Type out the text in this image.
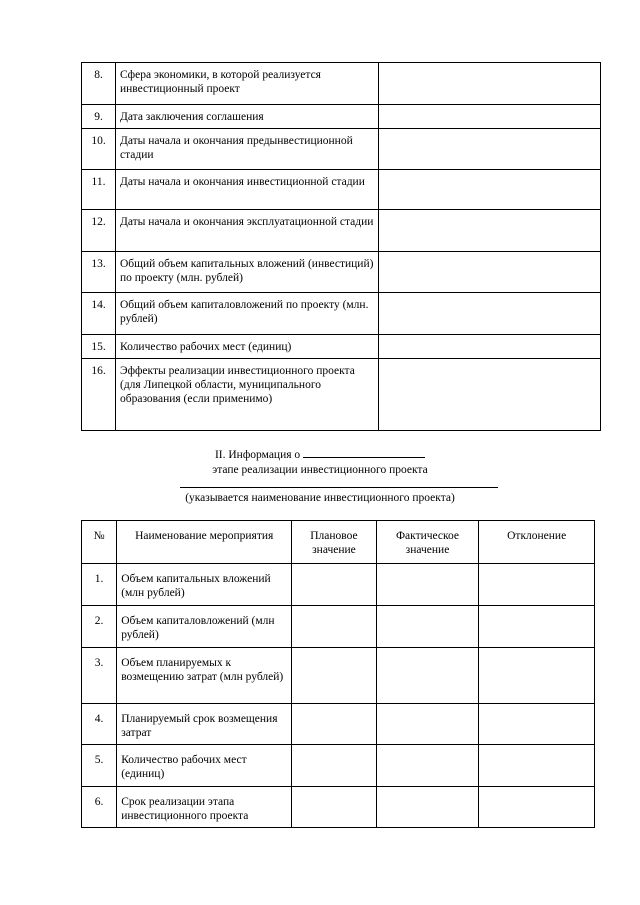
8.	Сфера экономики, в которой реализуется инвестиционный проект	
9.	Дата заключения соглашения	
10.	Даты начала и окончания предынвестиционной стадии	
11.	Даты начала и окончания инвестиционной стадии	
12.	Даты начала и окончания эксплуатационной стадии	
13.	Общий объем капитальных вложений (инвестиций) по проекту (млн. рублей)	
14.	Общий объем капиталовложений по проекту (млн. рублей)	
15.	Количество рабочих мест (единиц)	
16.	Эффекты реализации инвестиционного проекта (для Липецкой области, муниципального образования (если применимо)	
II. Информация о
этапе реализации инвестиционного проекта
(указывается наименование инвестиционного проекта)
№	Наименование мероприятия	Плановое значение	Фактическое значение	Отклонение
1.	Объем капитальных вложений (млн рублей)			
2.	Объем капиталовложений (млн рублей)			
3.	Объем планируемых к возмещению затрат (млн рублей)			
4.	Планируемый срок возмещения затрат			
5.	Количество рабочих мест (единиц)			
6.	Срок реализации этапа инвестиционного проекта			
